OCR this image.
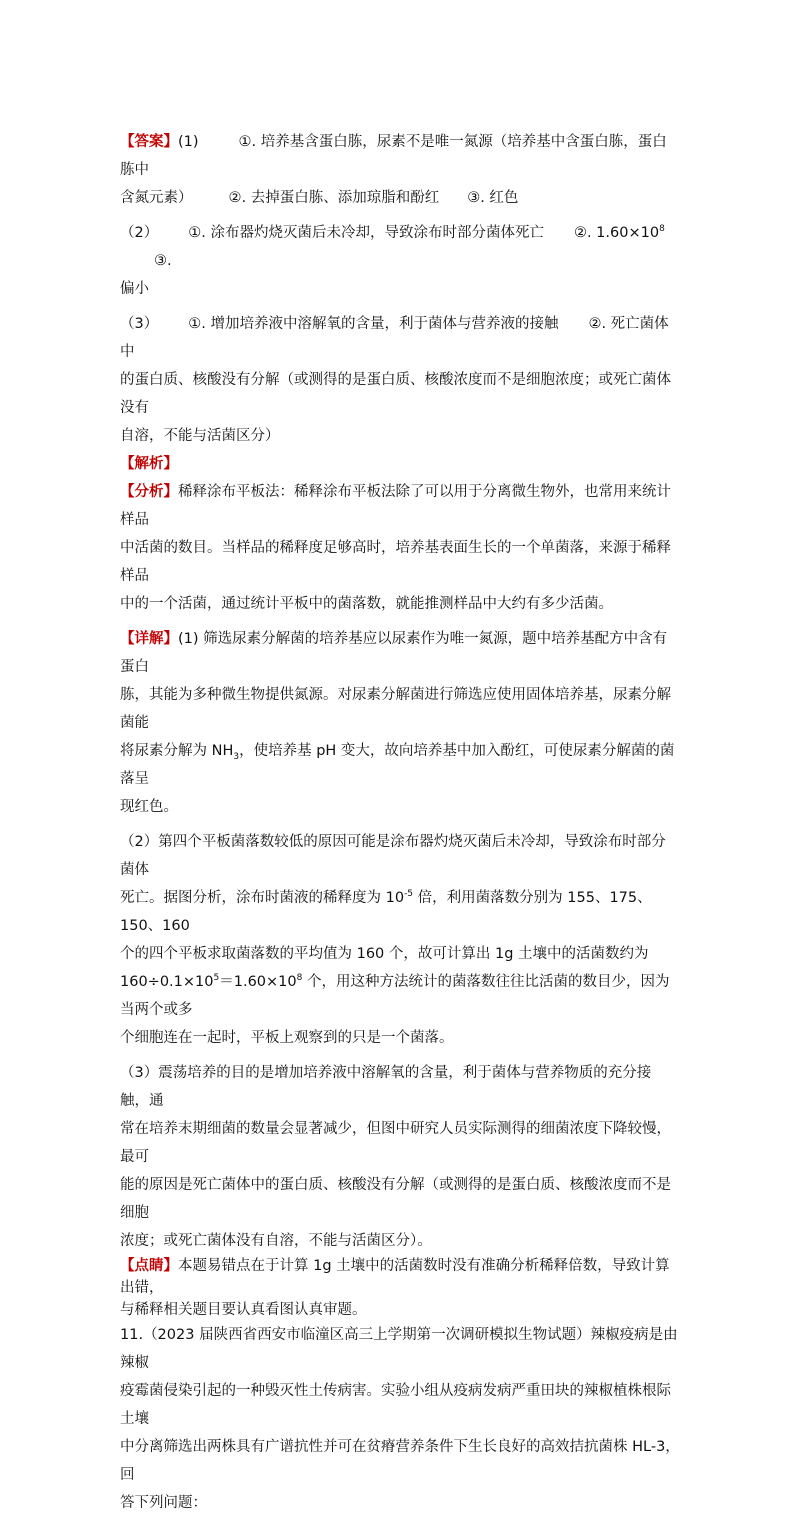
【答案】(1)	①. 培养基含蛋白胨，尿素不是唯一氮源（培养基中含蛋白胨，蛋白胨中

含氮元素） ②. 去掉蛋白胨、添加琼脂和酚红 ③. 红色

（2） ①. 涂布器灼烧灭菌后未冷却，导致涂布时部分菌体死亡 ②. $1.60\times 10^8③$.

偏小

（3） ①. 增加培养液中溶解氧的含量，利于菌体与营养液的接触 ②. 死亡菌体中

的蛋白质、核酸没有分解（或测得的是蛋白质、核酸浓度而不是细胞浓度；或死亡菌体没有

自溶，不能与活菌区分）

【解析】

【分析】稀释涂布平板法：稀释涂布平板法除了可以用于分离微生物外，也常用来统计样品

中活菌的数目。当样品的稀释度足够高时，培养基表面生长的一个单菌落，来源于稀释样品

中的一个活菌，通过统计平板中的菌落数，就能推测样品中大约有多少活菌。

【详解】(1) 筛选尿素分解菌的培养基应以尿素作为唯一氮源，题中培养基配方中含有蛋白

胨，其能为多种微生物提供氮源。对尿素分解菌进行筛选应使用固体培养基，尿素分解菌能

将尿素分解为 $NH_3$，使培养基 pH 变大，故向培养基中加入酚红，可使尿素分解菌的菌落呈

现红色。

（2）第四个平板菌落数较低的原因可能是涂布器灼烧灭菌后未冷却，导致涂布时部分菌体

死亡。据图分析，涂布时菌液的稀释度为 $10^{-5}$ 倍，利用菌落数分别为 155、175、150、160

个的四个平板求取菌落数的平均值为 160 个，故可计算出 1g 土壤中的活菌数约为

$160\div 0.1\times 10^5=1.60\times 10^8$ 个，用这种方法统计的菌落数往往比活菌的数目少，因为当两个或多

个细胞连在一起时，平板上观察到的只是一个菌落。

（3）震荡培养的目的是增加培养液中溶解氧的含量，利于菌体与营养物质的充分接触，通

常在培养末期细菌的数量会显著减少，但图中研究人员实际测得的细菌浓度下降较慢，最可

能的原因是死亡菌体中的蛋白质、核酸没有分解（或测得的是蛋白质、核酸浓度而不是细胞

浓度；或死亡菌体没有自溶，不能与活菌区分）。

【点睛】本题易错点在于计算 1g 土壤中的活菌数时没有准确分析稀释倍数，导致计算出错，

与稀释相关题目要认真看图认真审题。

11.（2023 届陕西省西安市临潼区高三上学期第一次调研模拟生物试题）辣椒疫病是由辣椒

疫霉菌侵染引起的一种毁灭性土传病害。实验小组从疫病发病严重田块的辣椒植株根际土壤

中分离筛选出两株具有广谱抗性并可在贫瘠营养条件下生长良好的高效拮抗菌株 HL-3，回

答下列问题：
